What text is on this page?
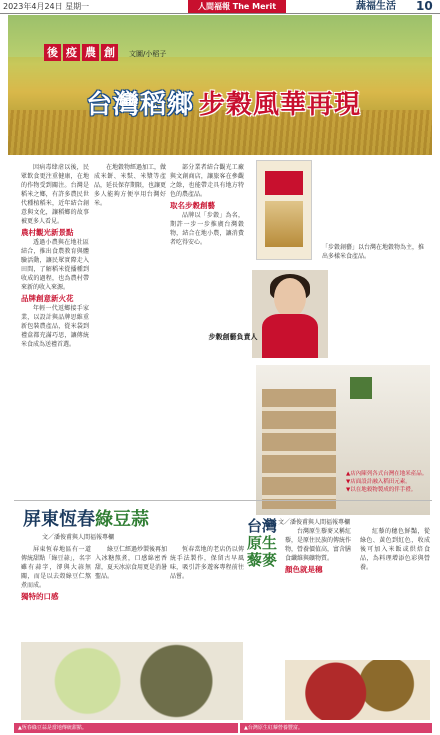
2023年4月24日 星期一	人間福報 The Merit	蔬福生活 10
後 疫 農 創	文圖/小稻子
台灣稻鄉 步穀風華再現

因病毒肆虐以後，民眾飲食更注重健康，在地的作物受到關注。台灣是稻米之鄉，有許多農民世代種植稻米，近年結合創意與文化，讓稻鄉的故事被更多人看見。

農村觀光新景點

透過小農與在地社區結合，推出食農教育與體驗活動，讓民眾實際走入田間，了解稻米從播種到收成的過程，也為農村帶來新的收入來源。

品牌創意新火花

年輕一代返鄉接手家業，以設計與品牌思維重新包裝農產品，從米袋到禮盒都充滿巧思，讓傳統米食成為送禮首選。

在地穀物經過加工，做成米餅、米麩、米漿等產品，延長保存期限，也讓更多人能夠方便享用台灣好米。

部分業者結合觀光工廠與文創商店，讓旅客在參觀之餘，也能帶走具有地方特色的農產品。

取名步穀創藝

品牌以「步穀」為名，期許一步一步推廣台灣穀物，結合在地小農，讓消費者吃得安心。

「步穀創藝」以台灣在地穀物為主，推出多樣米食產品。
步穀創藝負責人
▲店內陳列各式台灣在地米產品。
▼店面設計融入稻田元素。
▼以在地穀物製成的伴手禮。
屏東恆春綠豆蒜
文／潘俊甫與人間福報專欄

屏東恆春地區有一道傳統甜點「綠豆蒜」，名字雖有蒜字，卻與大蒜無關，而是以去殼綠豆仁熬煮而成。

獨特的口感

綠豆仁經過炒製後再加入冰糖熬煮，口感綿密香甜，夏天冰涼食用更是消暑聖品。

恆春當地的老店仍以傳統手法製作，保留古早風味，吸引許多遊客專程前往品嘗。

台灣
原生藜麥
文／潘俊甫與人間福報專欄

台灣原生藜麥又稱紅藜，是原住民族的傳統作物，營養價值高，富含膳食纖維與礦物質。

顏色就是穗

紅藜的穗色鮮豔，從綠色、黃色到紅色，收成後可加入米飯或烘焙食品，為料理增添色彩與營養。

▲恆春綠豆蒜是當地傳統甜點。	▲台灣原生紅藜營養豐富。
